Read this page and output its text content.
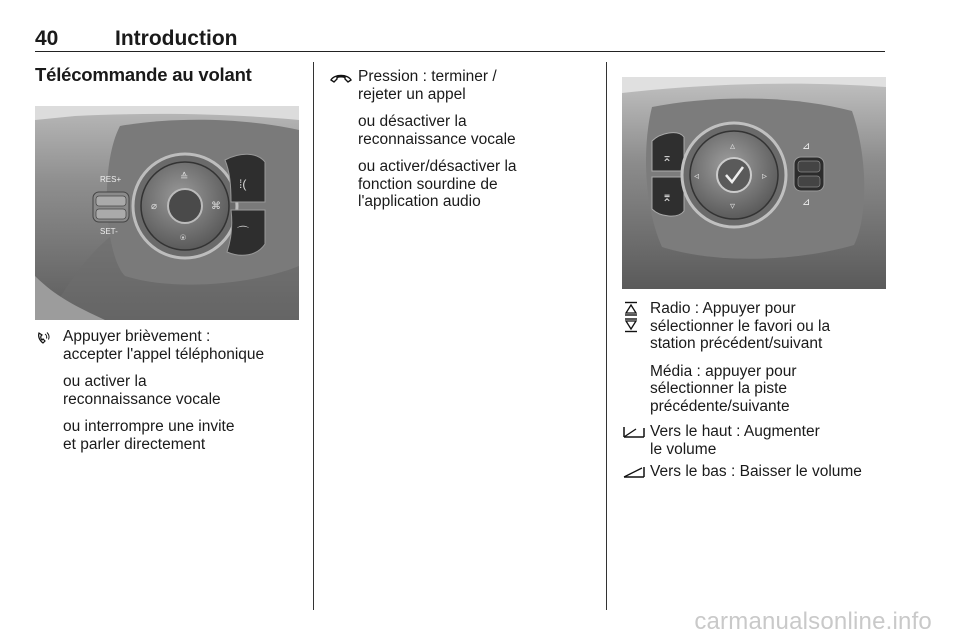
40	Introduction
Télécommande au volant
RES+
SET-
≙
⌀	⌘
⍟
⁞(
⌒
Appuyer brièvement :
accepter l'appel téléphonique
ou activer la
reconnaissance vocale
ou interrompre une invite
et parler directement
Pression : terminer /
rejeter un appel
ou désactiver la
reconnaissance vocale
ou activer/désactiver la
fonction sourdine de
l'application audio
⌅
⌆
▵
▿
◃	▹
⊿
⊿
Radio : Appuyer pour
sélectionner le favori ou la
station précédent/suivant
Média : appuyer pour
sélectionner la piste
précédente/suivante
Vers le haut : Augmenter
le volume
Vers le bas : Baisser le volume
carmanualsonline.info
